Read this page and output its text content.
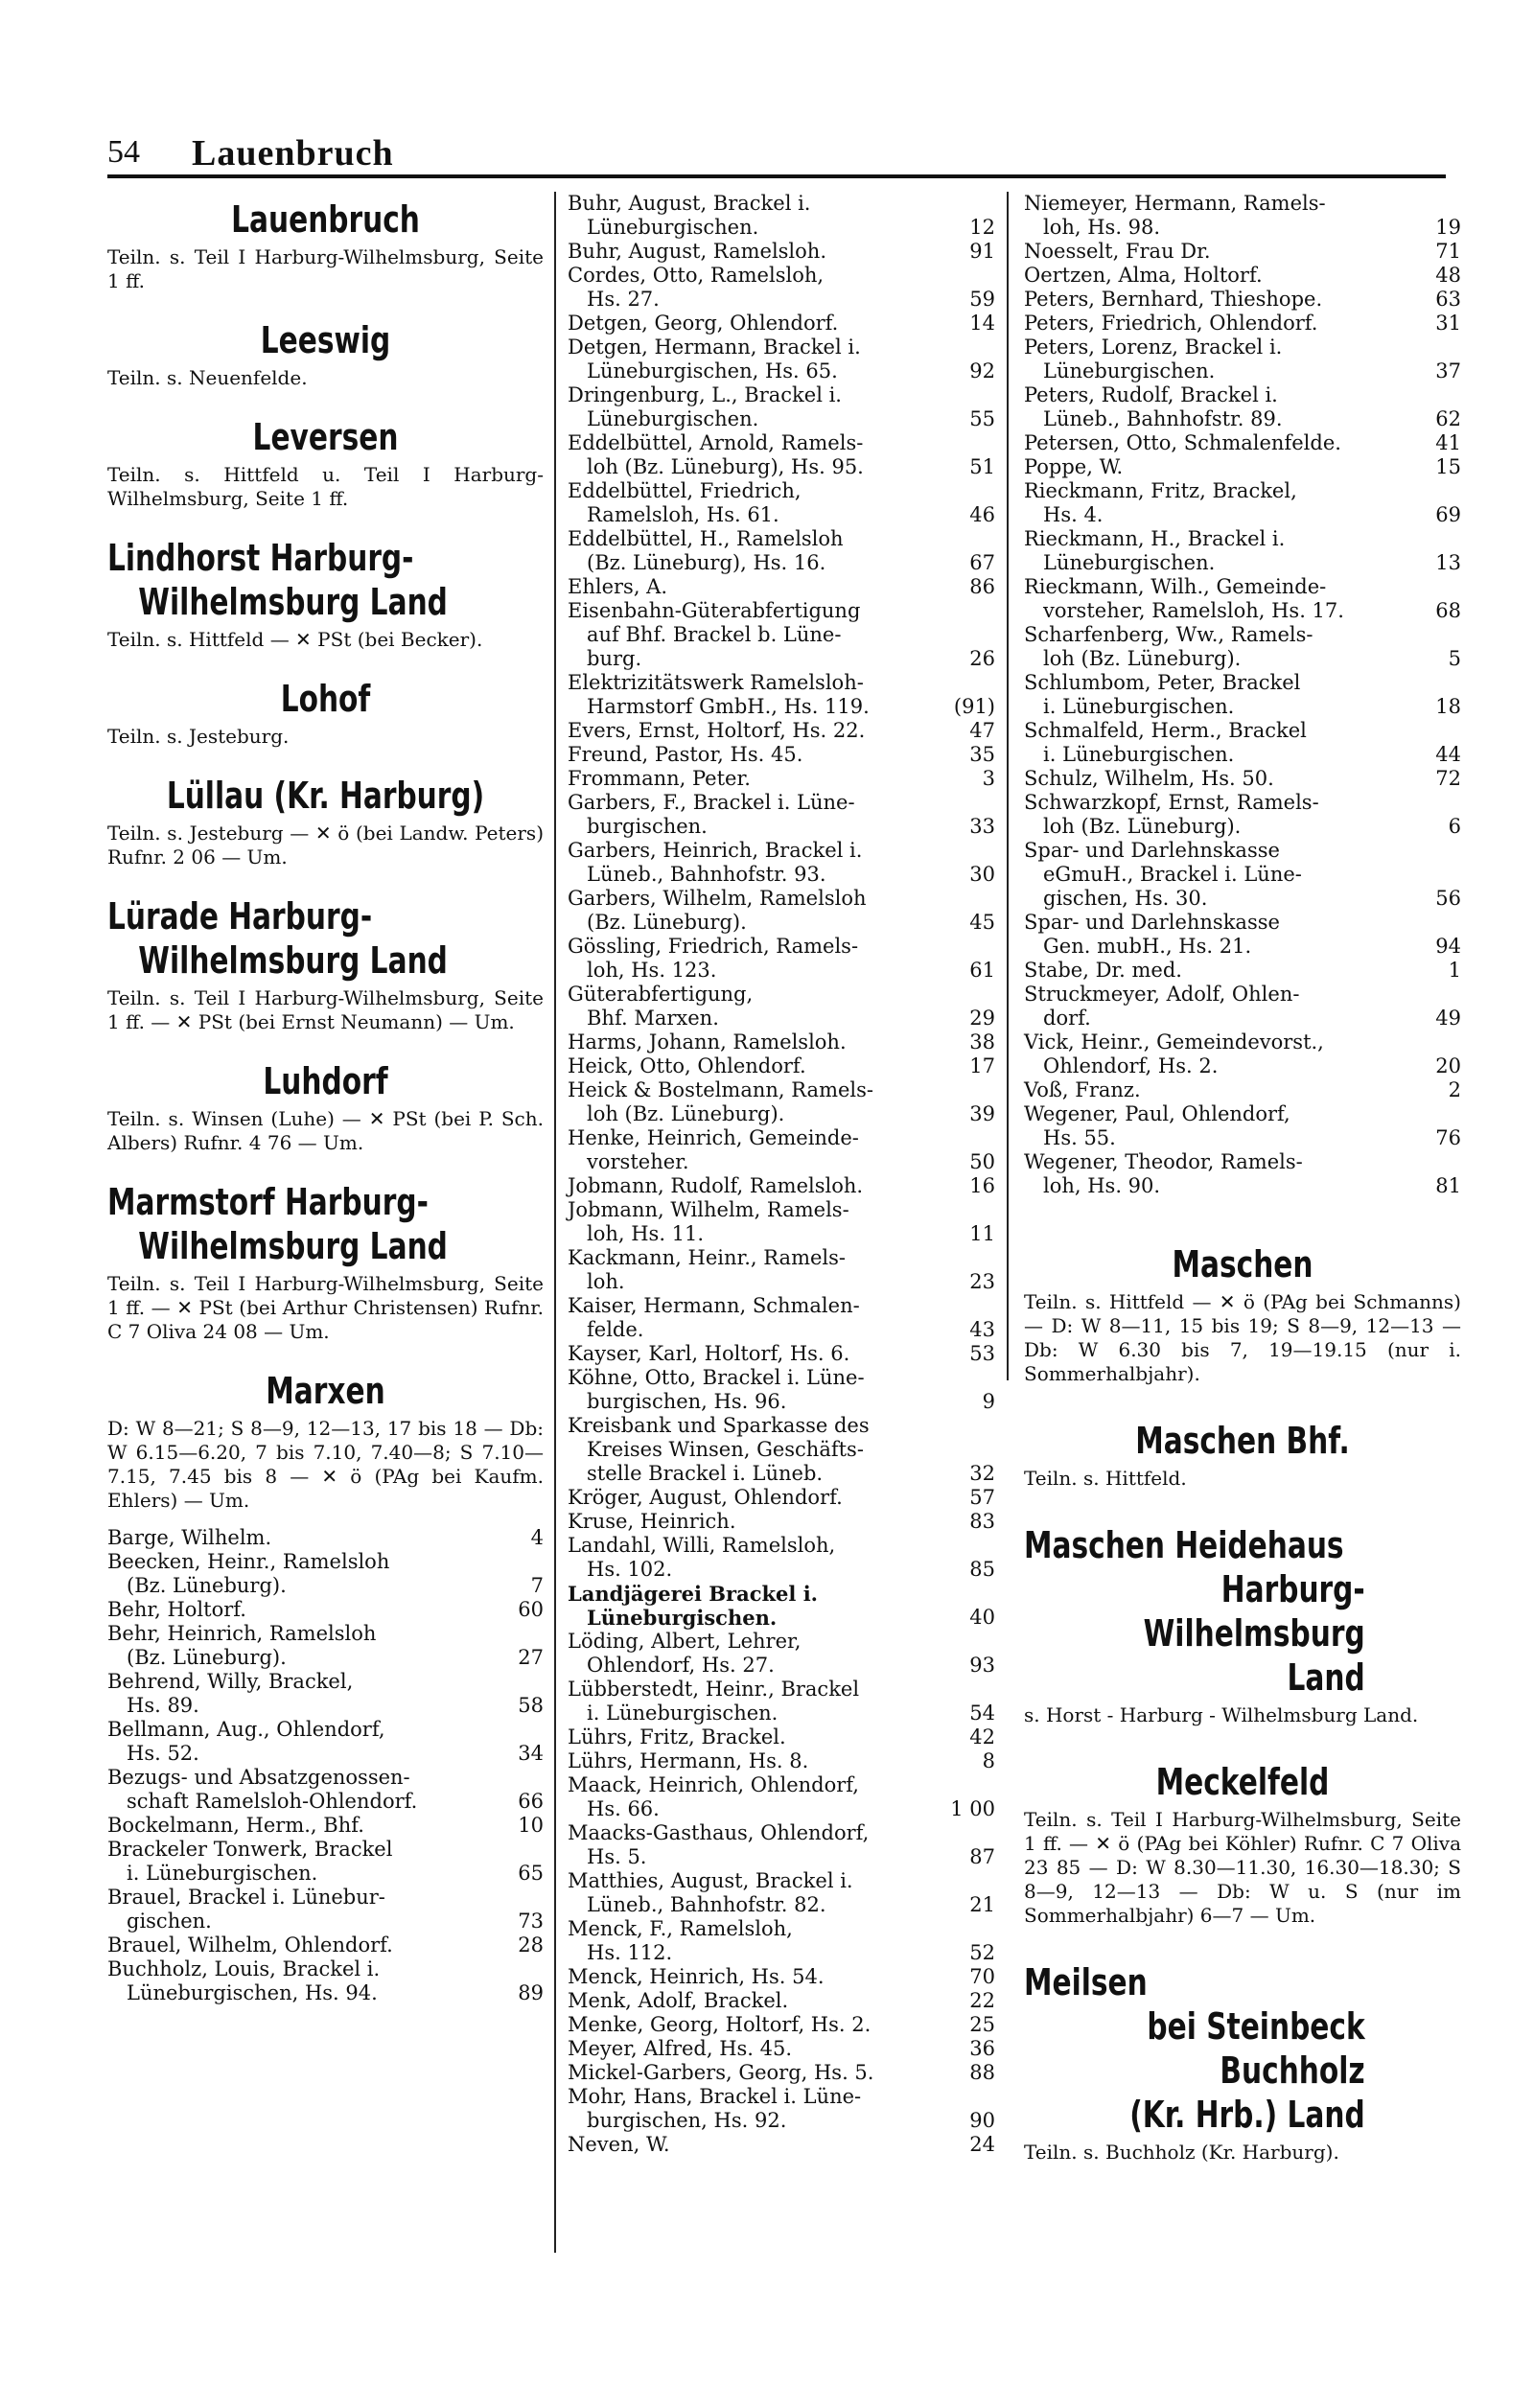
54 Lauenbruch
Lauenbruch
Teiln. s. Teil I Harburg-Wilhelmsburg, Seite 1 ff.
Leeswig
Teiln. s. Neuenfelde.
Leversen
Teiln. s. Hittfeld u. Teil I Harburg-Wilhelmsburg, Seite 1 ff.
Lindhorst Harburg-
Wilhelmsburg Land
Teiln. s. Hittfeld — ✕ PSt (bei Becker).
Lohof
Teiln. s. Jesteburg.
Lüllau (Kr. Harburg)
Teiln. s. Jesteburg — ✕ ö (bei Landw. Peters) Rufnr. 2 06 — Um.
Lürade Harburg-
Wilhelmsburg Land
Teiln. s. Teil I Harburg-Wilhelmsburg, Seite 1 ff. — ✕ PSt (bei Ernst Neumann) — Um.
Luhdorf
Teiln. s. Winsen (Luhe) — ✕ PSt (bei P. Sch. Albers) Rufnr. 4 76 — Um.
Marmstorf Harburg-
Wilhelmsburg Land
Teiln. s. Teil I Harburg-Wilhelmsburg, Seite 1 ff. — ✕ PSt (bei Arthur Christensen) Rufnr. C 7 Oliva 24 08 — Um.
Marxen
D: W 8—21; S 8—9, 12—13, 17 bis 18 — Db: W 6.15—6.20, 7 bis 7.10, 7.40—8; S 7.10—7.15, 7.45 bis 8 — ✕ ö (PAg bei Kaufm. Ehlers) — Um.
Barge, Wilhelm.	4
Beecken, Heinr., Ramelsloh
(Bz. Lüneburg).	7
Behr, Holtorf.	60
Behr, Heinrich, Ramelsloh
(Bz. Lüneburg).	27
Behrend, Willy, Brackel,
Hs. 89.	58
Bellmann, Aug., Ohlendorf,
Hs. 52.	34
Bezugs- und Absatzgenossen-
schaft Ramelsloh-Ohlendorf.	66
Bockelmann, Herm., Bhf.	10
Brackeler Tonwerk, Brackel
i. Lüneburgischen.	65
Brauel, Brackel i. Lünebur-
gischen.	73
Brauel, Wilhelm, Ohlendorf.	28
Buchholz, Louis, Brackel i.
Lüneburgischen, Hs. 94.	89
Buhr, August, Brackel i.
Lüneburgischen.	12
Buhr, August, Ramelsloh.	91
Cordes, Otto, Ramelsloh,
Hs. 27.	59
Detgen, Georg, Ohlendorf.	14
Detgen, Hermann, Brackel i.
Lüneburgischen, Hs. 65.	92
Dringenburg, L., Brackel i.
Lüneburgischen.	55
Eddelbüttel, Arnold, Ramels-
loh (Bz. Lüneburg), Hs. 95.	51
Eddelbüttel, Friedrich,
Ramelsloh, Hs. 61.	46
Eddelbüttel, H., Ramelsloh
(Bz. Lüneburg), Hs. 16.	67
Ehlers, A.	86
Eisenbahn-Güterabfertigung
auf Bhf. Brackel b. Lüne-
burg.	26
Elektrizitätswerk Ramelsloh-
Harmstorf GmbH., Hs. 119.	(91)
Evers, Ernst, Holtorf, Hs. 22.	47
Freund, Pastor, Hs. 45.	35
Frommann, Peter.	3
Garbers, F., Brackel i. Lüne-
burgischen.	33
Garbers, Heinrich, Brackel i.
Lüneb., Bahnhofstr. 93.	30
Garbers, Wilhelm, Ramelsloh
(Bz. Lüneburg).	45
Gössling, Friedrich, Ramels-
loh, Hs. 123.	61
Güterabfertigung,
Bhf. Marxen.	29
Harms, Johann, Ramelsloh.	38
Heick, Otto, Ohlendorf.	17
Heick & Bostelmann, Ramels-
loh (Bz. Lüneburg).	39
Henke, Heinrich, Gemeinde-
vorsteher.	50
Jobmann, Rudolf, Ramelsloh.	16
Jobmann, Wilhelm, Ramels-
loh, Hs. 11.	11
Kackmann, Heinr., Ramels-
loh.	23
Kaiser, Hermann, Schmalen-
felde.	43
Kayser, Karl, Holtorf, Hs. 6.	53
Köhne, Otto, Brackel i. Lüne-
burgischen, Hs. 96.	9
Kreisbank und Sparkasse des
Kreises Winsen, Geschäfts-
stelle Brackel i. Lüneb.	32
Kröger, August, Ohlendorf.	57
Kruse, Heinrich.	83
Landahl, Willi, Ramelsloh,
Hs. 102.	85
Landjägerei Brackel i.
Lüneburgischen.	40
Löding, Albert, Lehrer,
Ohlendorf, Hs. 27.	93
Lübberstedt, Heinr., Brackel
i. Lüneburgischen.	54
Lührs, Fritz, Brackel.	42
Lührs, Hermann, Hs. 8.	8
Maack, Heinrich, Ohlendorf,
Hs. 66.	1 00
Maacks-Gasthaus, Ohlendorf,
Hs. 5.	87
Matthies, August, Brackel i.
Lüneb., Bahnhofstr. 82.	21
Menck, F., Ramelsloh,
Hs. 112.	52
Menck, Heinrich, Hs. 54.	70
Menk, Adolf, Brackel.	22
Menke, Georg, Holtorf, Hs. 2.	25
Meyer, Alfred, Hs. 45.	36
Mickel-Garbers, Georg, Hs. 5.	88
Mohr, Hans, Brackel i. Lüne-
burgischen, Hs. 92.	90
Neven, W.	24
Niemeyer, Hermann, Ramels-
loh, Hs. 98.	19
Noesselt, Frau Dr.	71
Oertzen, Alma, Holtorf.	48
Peters, Bernhard, Thieshope.	63
Peters, Friedrich, Ohlendorf.	31
Peters, Lorenz, Brackel i.
Lüneburgischen.	37
Peters, Rudolf, Brackel i.
Lüneb., Bahnhofstr. 89.	62
Petersen, Otto, Schmalenfelde.	41
Poppe, W.	15
Rieckmann, Fritz, Brackel,
Hs. 4.	69
Rieckmann, H., Brackel i.
Lüneburgischen.	13
Rieckmann, Wilh., Gemeinde-
vorsteher, Ramelsloh, Hs. 17.	68
Scharfenberg, Ww., Ramels-
loh (Bz. Lüneburg).	5
Schlumbom, Peter, Brackel
i. Lüneburgischen.	18
Schmalfeld, Herm., Brackel
i. Lüneburgischen.	44
Schulz, Wilhelm, Hs. 50.	72
Schwarzkopf, Ernst, Ramels-
loh (Bz. Lüneburg).	6
Spar- und Darlehnskasse
eGmuH., Brackel i. Lüne-
gischen, Hs. 30.	56
Spar- und Darlehnskasse
Gen. mubH., Hs. 21.	94
Stabe, Dr. med.	1
Struckmeyer, Adolf, Ohlen-
dorf.	49
Vick, Heinr., Gemeindevorst.,
Ohlendorf, Hs. 2.	20
Voß, Franz.	2
Wegener, Paul, Ohlendorf,
Hs. 55.	76
Wegener, Theodor, Ramels-
loh, Hs. 90.	81
Maschen
Teiln. s. Hittfeld — ✕ ö (PAg bei Schmanns) — D: W 8—11, 15 bis 19; S 8—9, 12—13 — Db: W 6.30 bis 7, 19—19.15 (nur i. Sommerhalbjahr).
Maschen Bhf.
Teiln. s. Hittfeld.
Maschen Heidehaus
Harburg-Wilhelmsburg
Land
s. Horst - Harburg - Wilhelmsburg Land.
Meckelfeld
Teiln. s. Teil I Harburg-Wilhelmsburg, Seite 1 ff. — ✕ ö (PAg bei Köhler) Rufnr. C 7 Oliva 23 85 — D: W 8.30—11.30, 16.30—18.30; S 8—9, 12—13 — Db: W u. S (nur im Sommerhalbjahr) 6—7 — Um.
Meilsen
bei Steinbeck Buchholz
(Kr. Hrb.) Land
Teiln. s. Buchholz (Kr. Harburg).
